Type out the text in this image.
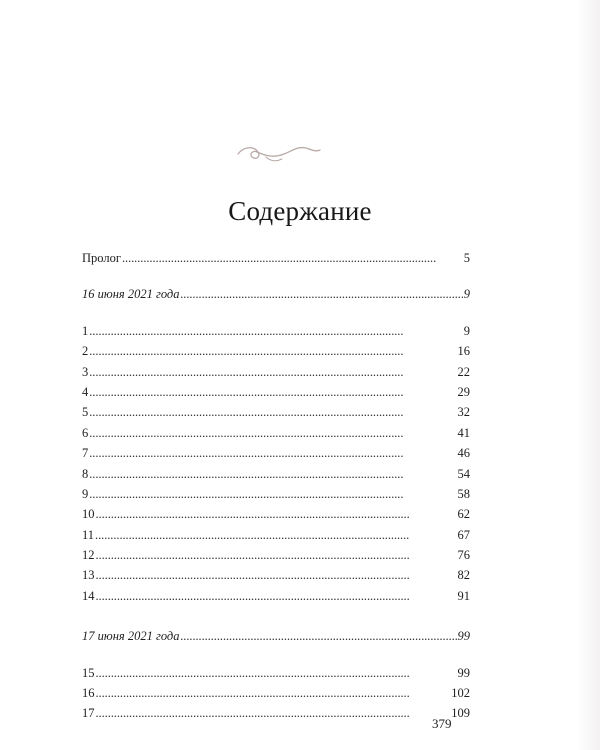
Содержание
Пролог . . .	5
16 июня 2021 года . . .	9
1 . . .	9
2 . . .	16
3 . . .	22
4 . . .	29
5 . . .	32
6 . . .	41
7 . . .	46
8 . . .	54
9 . . .	58
10 . . .	62
11 . . .	67
12 . . .	76
13 . . .	82
14 . . .	91
17 июня 2021 года . . .	99
15 . . .	99
16 . . .	102
17 . . .	109
379
